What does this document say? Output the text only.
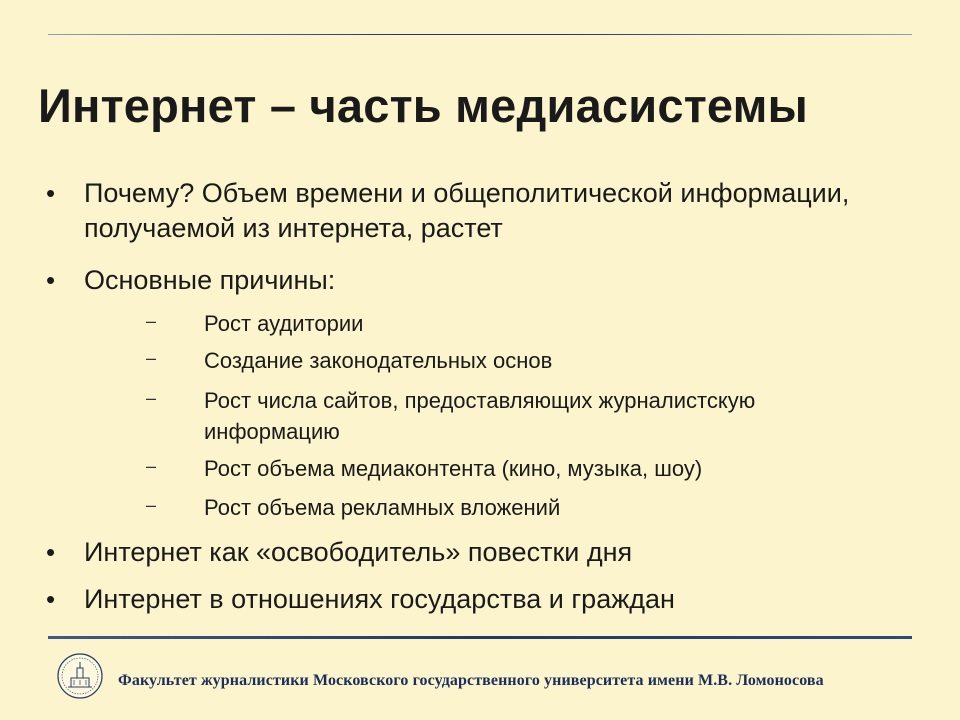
Интернет – часть медиасистемы
• Почему? Объем времени и общеполитической информации, получаемой из интернета, растет
• Основные причины:
– Рост аудитории
– Создание законодательных основ
– Рост числа сайтов, предоставляющих журналистскую информацию
– Рост объема медиаконтента (кино, музыка, шоу)
– Рост объема рекламных вложений
• Интернет как «освободитель» повестки дня
• Интернет в отношениях государства и граждан
Факультет журналистики Московского государственного университета имени М.В. Ломоносова
